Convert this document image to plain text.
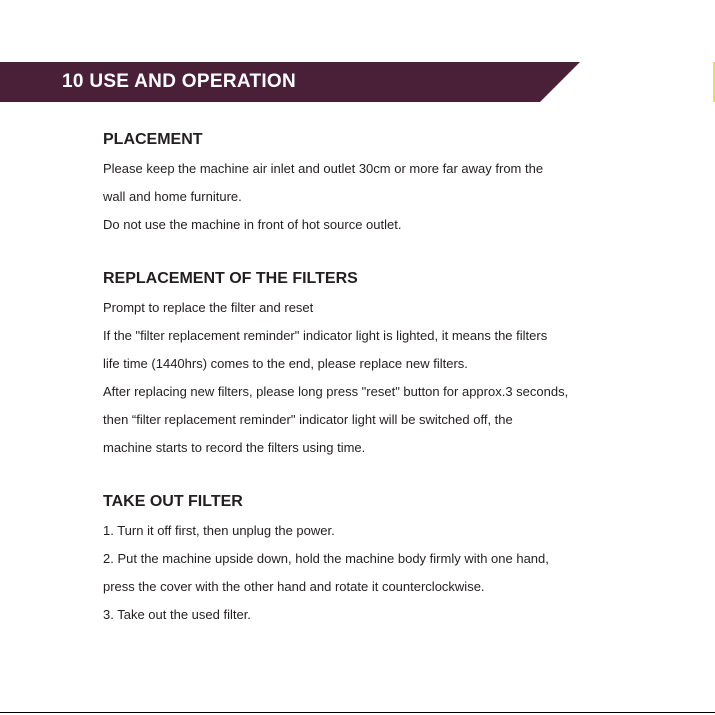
10 USE AND OPERATION
PLACEMENT

Please keep the machine air inlet and outlet 30cm or more far away from the

wall and home furniture.

Do not use the machine in front of hot source outlet.

REPLACEMENT OF THE FILTERS

Prompt to replace the filter and reset

If the "filter replacement reminder" indicator light is lighted, it means the filters

life time (1440hrs) comes to the end, please replace new filters.

After replacing new filters, please long press "reset" button for approx.3 seconds,

then “filter replacement reminder" indicator light will be switched off, the

machine starts to record the filters using time.

TAKE OUT FILTER

1. Turn it off first, then unplug the power.

2. Put the machine upside down, hold the machine body firmly with one hand,

press the cover with the other hand and rotate it counterclockwise.

3. Take out the used filter.
